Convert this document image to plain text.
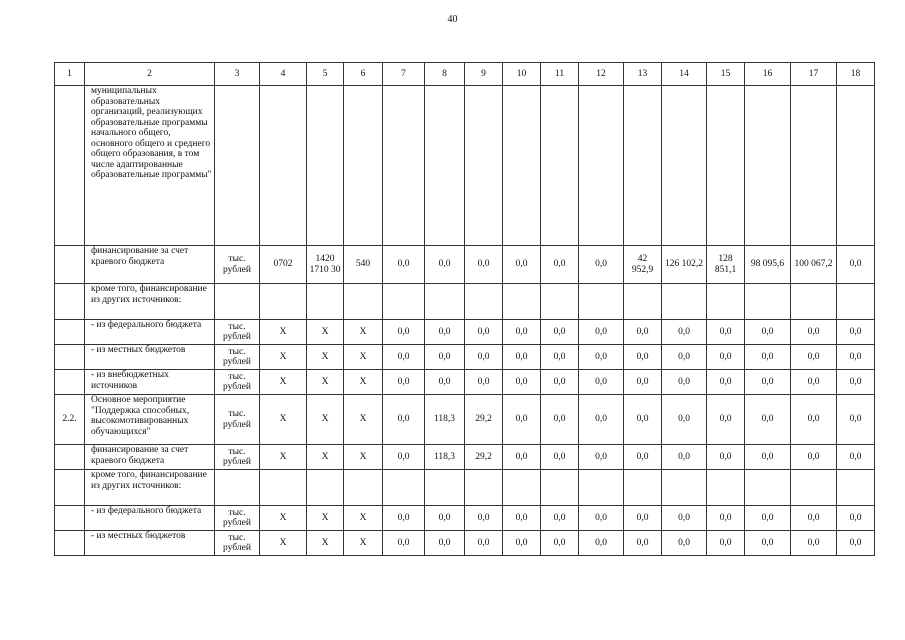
40
1	2	3	4	5	6	7	8	9	10	11	12	13	14	15	16	17	18
	муниципальных образовательных организаций, реализующих образовательные программы начального общего, основного общего и среднего общего образования, в том числе адаптированные образовательные программы"																
	финансирование за счет краевого бюджета	тыс. рублей	0702	1420 1710 30	540	0,0	0,0	0,0	0,0	0,0	0,0	42 952,9	126 102,2	128 851,1	98 095,6	100 067,2	0,0
	кроме того, финансирование из других источников:																
	- из федерального бюджета	тыс. рублей	Х	Х	Х	0,0	0,0	0,0	0,0	0,0	0,0	0,0	0,0	0,0	0,0	0,0	0,0
	- из местных бюджетов	тыс. рублей	Х	Х	Х	0,0	0,0	0,0	0,0	0,0	0,0	0,0	0,0	0,0	0,0	0,0	0,0
	- из внебюджетных источников	тыс. рублей	Х	Х	Х	0,0	0,0	0,0	0,0	0,0	0,0	0,0	0,0	0,0	0,0	0,0	0,0
2.2.	Основное мероприятие "Поддержка способных, высокомотивированных обучающихся"	тыс. рублей	Х	Х	Х	0,0	118,3	29,2	0,0	0,0	0,0	0,0	0,0	0,0	0,0	0,0	0,0
	финансирование за счет краевого бюджета	тыс. рублей	Х	Х	Х	0,0	118,3	29,2	0,0	0,0	0,0	0,0	0,0	0,0	0,0	0,0	0,0
	кроме того, финансирование из других источников:																
	- из федерального бюджета	тыс. рублей	Х	Х	Х	0,0	0,0	0,0	0,0	0,0	0,0	0,0	0,0	0,0	0,0	0,0	0,0
	- из местных бюджетов	тыс. рублей	Х	Х	Х	0,0	0,0	0,0	0,0	0,0	0,0	0,0	0,0	0,0	0,0	0,0	0,0
